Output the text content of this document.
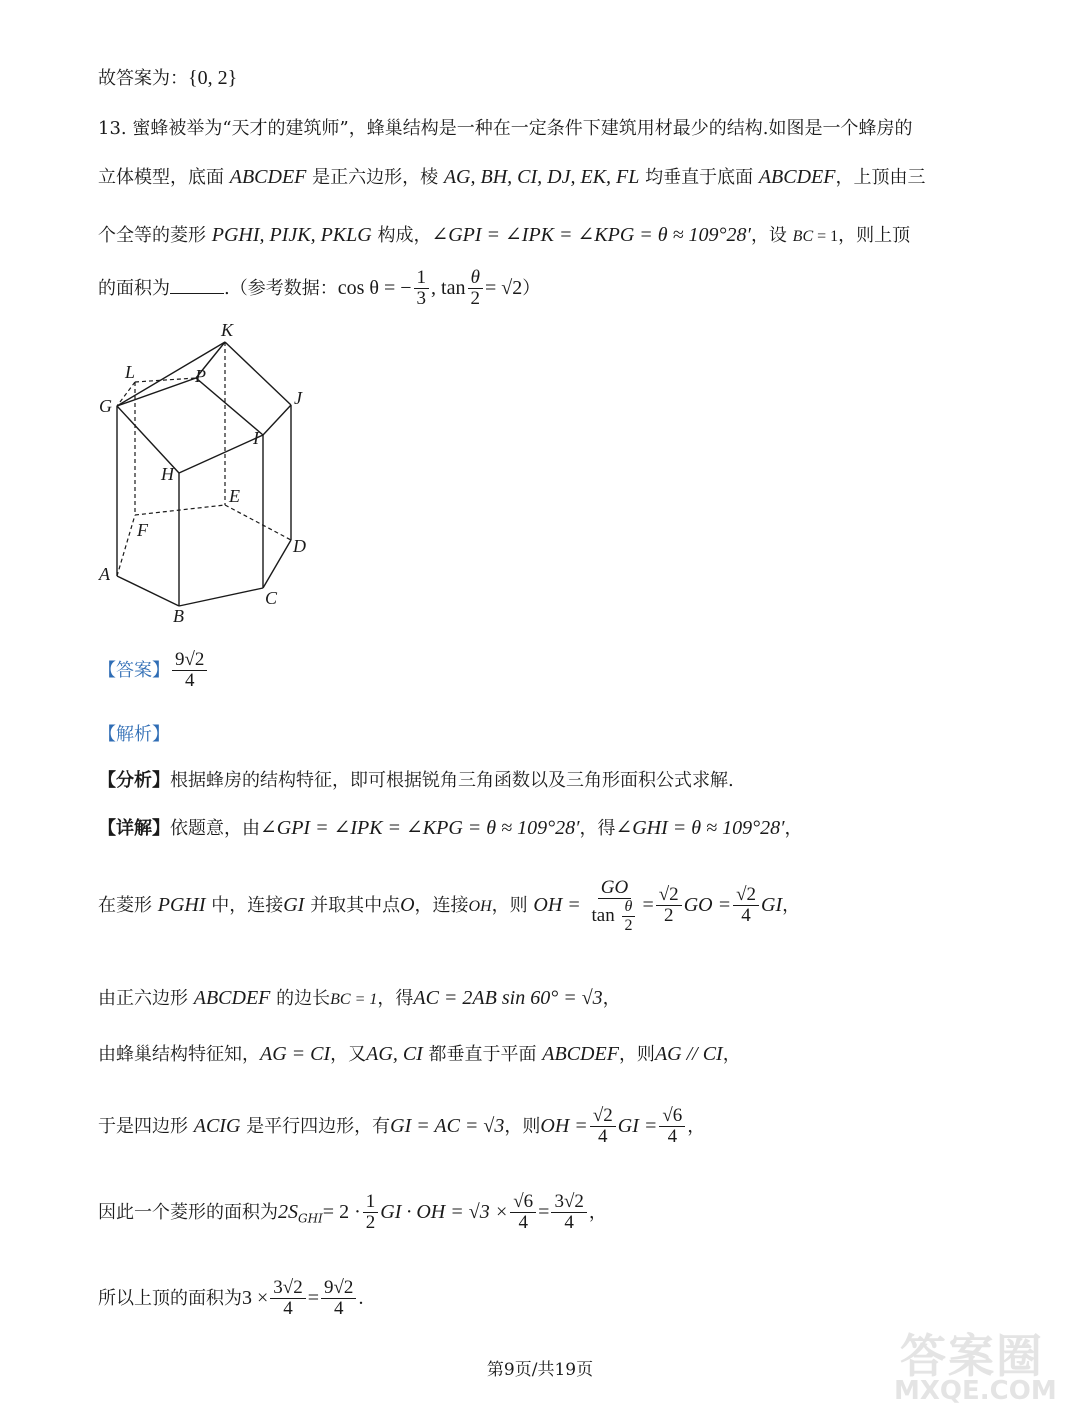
故答案为：{0, 2}
13. 蜜蜂被举为“天才的建筑师”，蜂巢结构是一种在一定条件下建筑用材最少的结构.如图是一个蜂房的
立体模型，底面 ABCDEF 是正六边形，棱 AG, BH, CI, DJ, EK, FL 均垂直于底面 ABCDEF，上顶由三
个全等的菱形 PGHI, PIJK, PKLG 构成，∠GPI = ∠IPK = ∠KPG = θ ≈ 109°28′，设 BC = 1，则上顶
的面积为	.（参考数据：cos θ = − $\frac{1}{3}$ , $\tan \frac{\theta}{2} = √2$）
K
L	P
G	J
I
H
E
F
D
A
C
B
【答案】 $\frac{9√2}{4}$
【解析】
【分析】根据蜂房的结构特征，即可根据锐角三角函数以及三角形面积公式求解.
【详解】依题意，由∠GPI = ∠IPK = ∠KPG = θ ≈ 109°28′，得∠GHI = θ ≈ 109°28′，
在菱形 PGHI 中，连接GI 并取其中点O，连接OH，则 OH = $\frac{GO}{\tan \frac{\theta}{2}} = \frac{√2}{2}$ GO = $\frac{√2}{4}$ GI，
由正六边形 ABCDEF 的边长BC = 1，得AC = 2AB sin 60° = √3，
由蜂巢结构特征知，AG = CI，又AG, CI 都垂直于平面 ABCDEF，则AG // CI，
于是四边形 ACIG 是平行四边形，有GI = AC = √3，则OH = $\frac{√2}{4}$ GI = $\frac{√6}{4}$ ，
因此一个菱形的面积为$2S_{GHI}= 2 \cdot \frac{1}{2}$ GI · OH = $√3 \times \frac{√6}{4} = \frac{3√2}{4}$ ，
所以上顶的面积为$3 \times \frac{3√2}{4} = \frac{9√2}{4}$ .
第9页/共19页	答案圈
MXQE.COM
